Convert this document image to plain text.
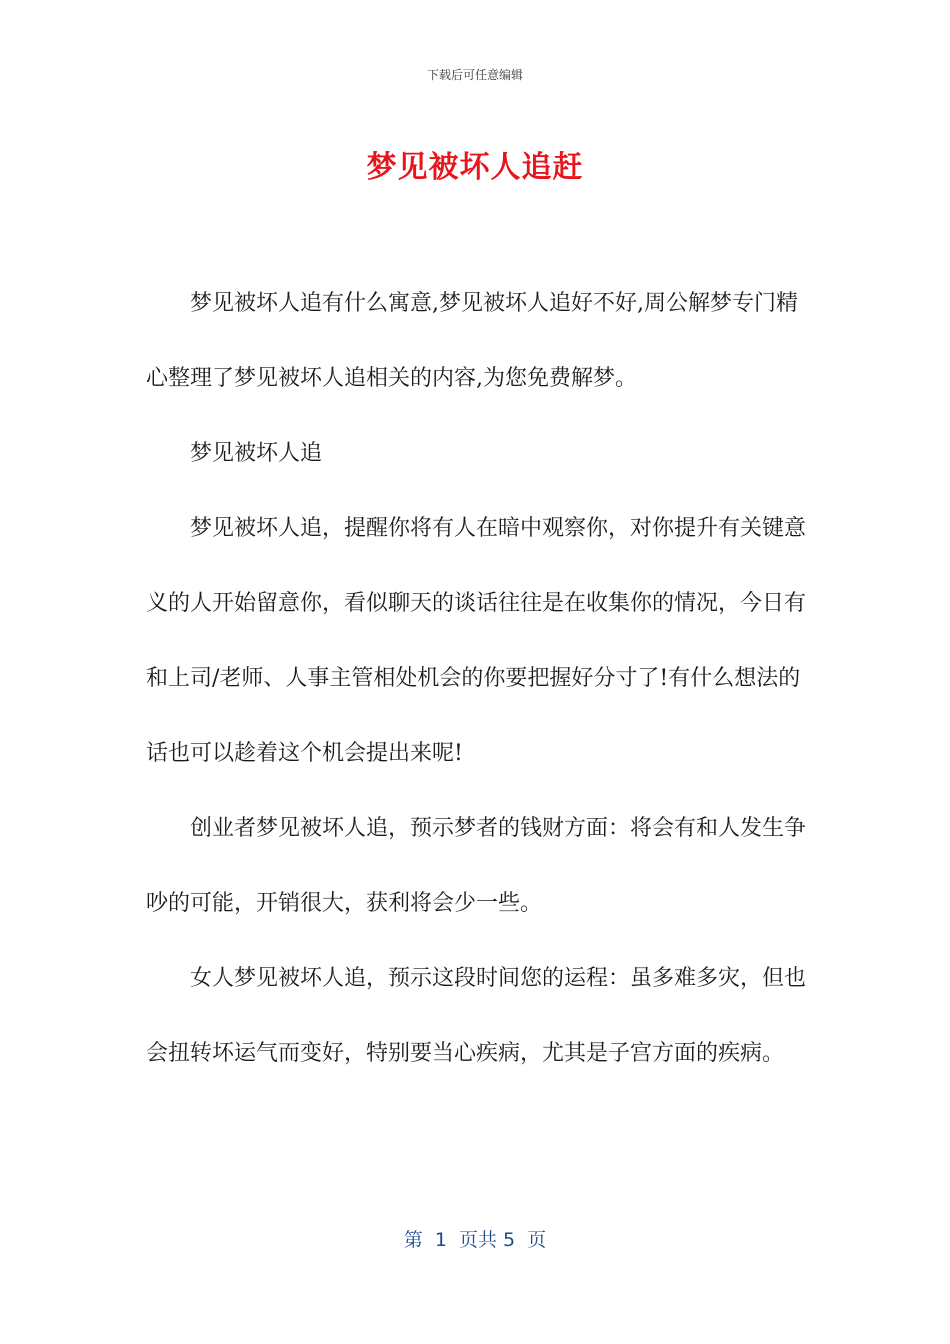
下载后可任意编辑
梦见被坏人追赶

梦见被坏人追有什么寓意,梦见被坏人追好不好,周公解梦专门精心整理了梦见被坏人追相关的内容,为您免费解梦。

梦见被坏人追

梦见被坏人追，提醒你将有人在暗中观察你，对你提升有关键意义的人开始留意你，看似聊天的谈话往往是在收集你的情况，今日有和上司/老师、人事主管相处机会的你要把握好分寸了!有什么想法的话也可以趁着这个机会提出来呢!

创业者梦见被坏人追，预示梦者的钱财方面：将会有和人发生争吵的可能，开销很大，获利将会少一些。

女人梦见被坏人追，预示这段时间您的运程：虽多难多灾，但也会扭转坏运气而变好，特别要当心疾病，尤其是子宫方面的疾病。

第  1  页共 5  页
